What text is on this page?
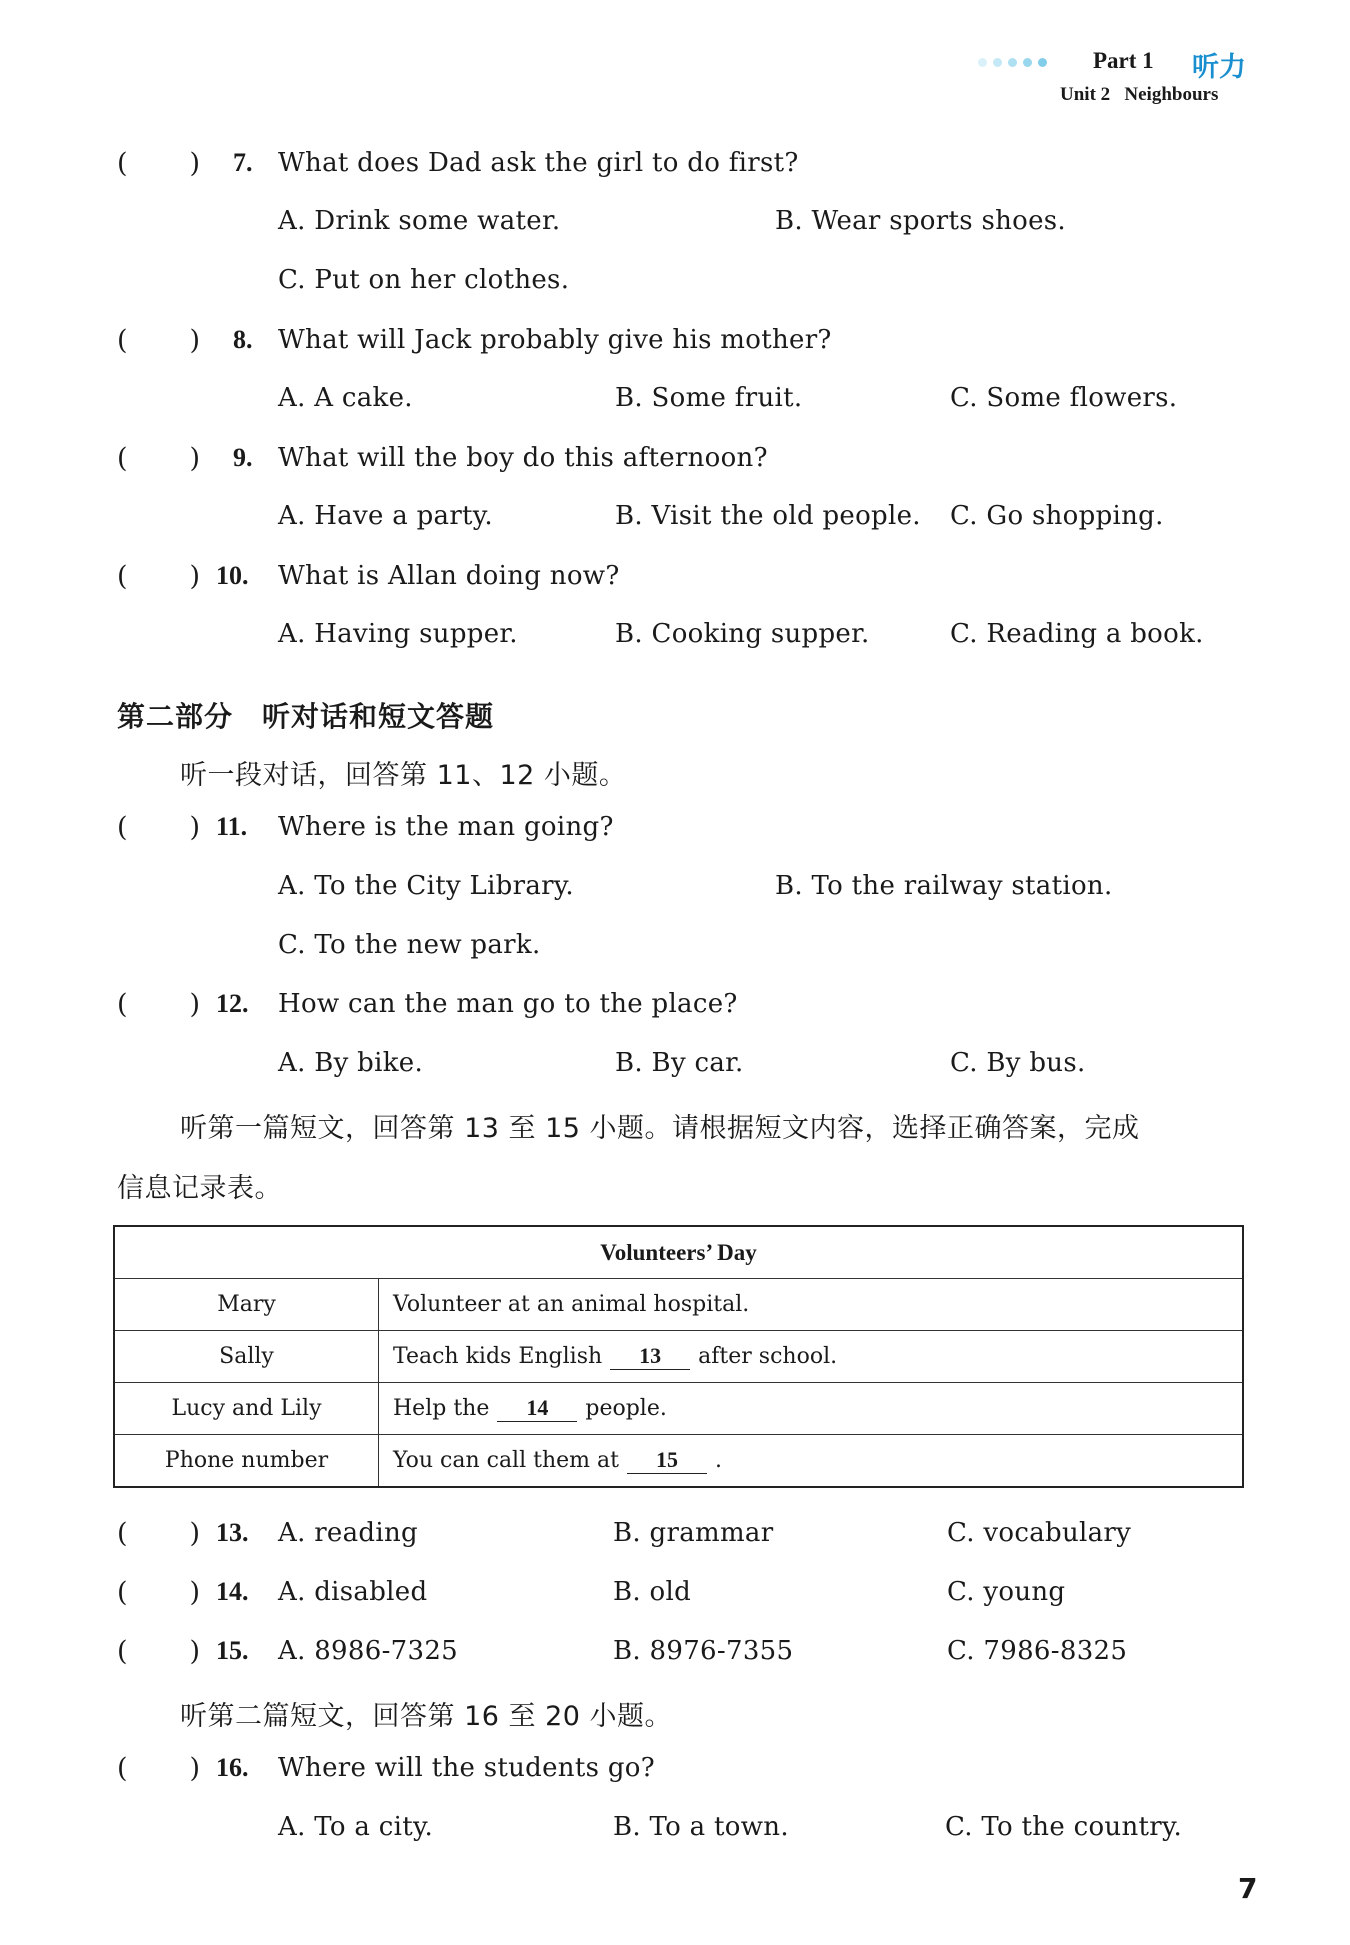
Part 1 听力
Unit 2   Neighbours
( ) 7. What does Dad ask the girl to do first?
A. Drink some water.	B. Wear sports shoes.
C. Put on her clothes.
( ) 8. What will Jack probably give his mother?
A. A cake.	B. Some fruit.	C. Some flowers.
( ) 9. What will the boy do this afternoon?
A. Have a party.	B. Visit the old people. C. Go shopping.
( ) 10. What is Allan doing now?
A. Having supper.	B. Cooking supper.	C. Reading a book.
第二部分　听对话和短文答题
听一段对话，回答第 11、12 小题。
( ) 11. Where is the man going?
A. To the City Library.	B. To the railway station.
C. To the new park.
( ) 12. How can the man go to the place?
A. By bike.	B. By car.	C. By bus.
听第一篇短文，回答第 13 至 15 小题。请根据短文内容，选择正确答案，完成
信息记录表。
Volunteers’ Day	
Mary	Volunteer at an animal hospital.
Sally	Teach kids English 13 after school.
Lucy and Lily	Help the 14 people.
Phone number	You can call them at 15 .
( ) 13. A. reading	B. grammar	C. vocabulary
( ) 14. A. disabled	B. old	C. young
( ) 15. A. 8986-7325	B. 8976-7355	C. 7986-8325
听第二篇短文，回答第 16 至 20 小题。
( ) 16. Where will the students go?
A. To a city.	B. To a town.	C. To the country.
7
